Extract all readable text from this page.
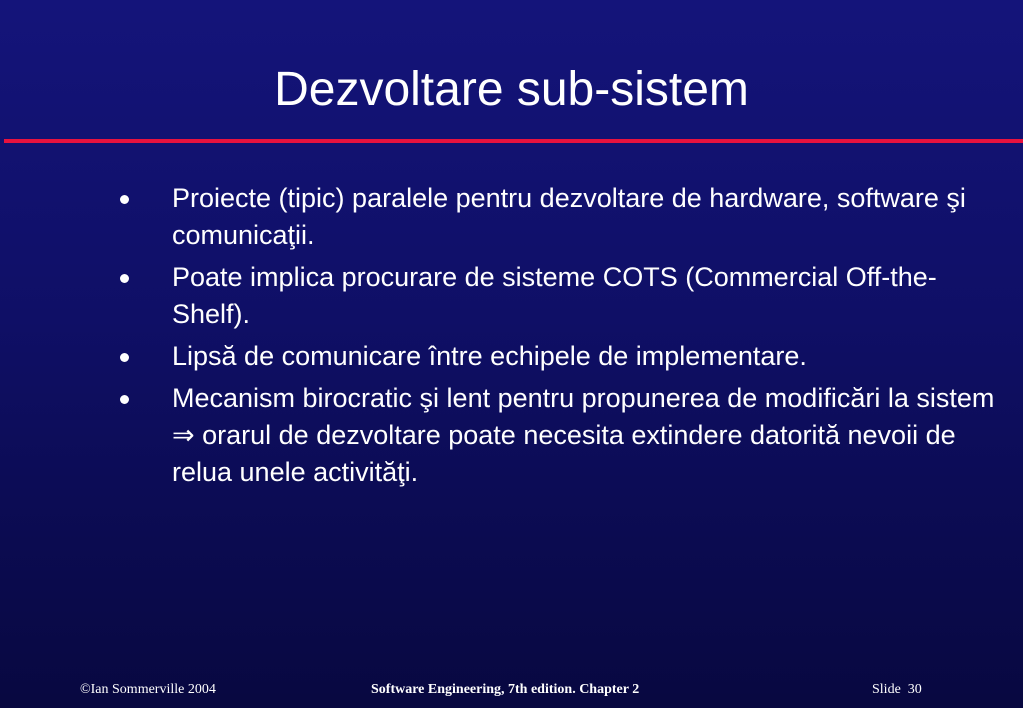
Dezvoltare sub-sistem
Proiecte (tipic) paralele pentru dezvoltare de hardware, software şi comunicaţii.
Poate implica procurare de sisteme COTS (Commercial Off-the-Shelf).
Lipsă de comunicare între echipele de implementare.
Mecanism birocratic şi lent pentru propunerea de modificări la sistem ⇒ orarul de dezvoltare poate necesita extindere datorită nevoii de relua unele activităţi.
©Ian Sommerville 2004	Software Engineering, 7th edition. Chapter 2	Slide  30
